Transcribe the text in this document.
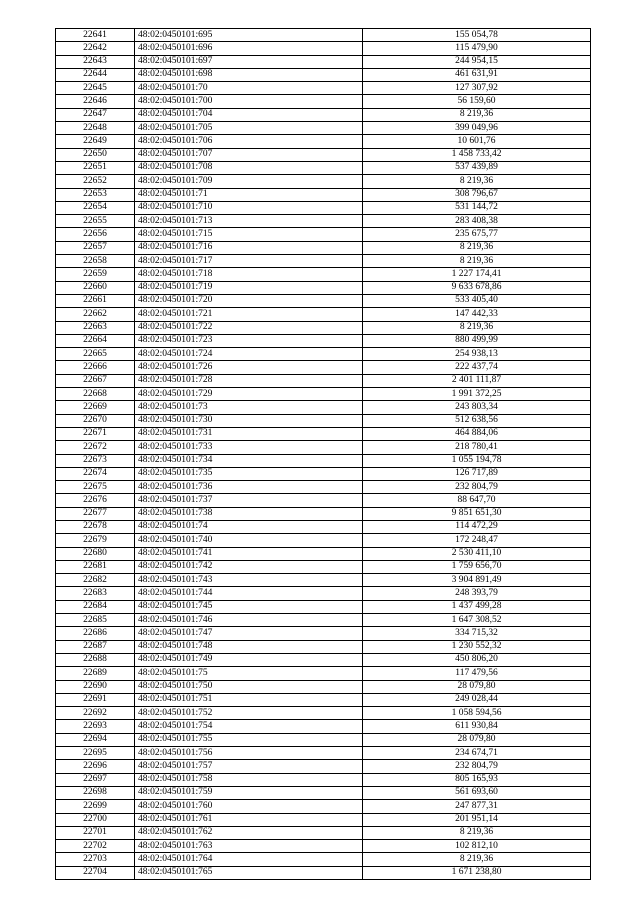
22641	48:02:0450101:695	155 054,78
22642	48:02:0450101:696	115 479,90
22643	48:02:0450101:697	244 954,15
22644	48:02:0450101:698	461 631,91
22645	48:02:0450101:70	127 307,92
22646	48:02:0450101:700	56 159,60
22647	48:02:0450101:704	8 219,36
22648	48:02:0450101:705	399 049,96
22649	48:02:0450101:706	10 601,76
22650	48:02:0450101:707	1 458 733,42
22651	48:02:0450101:708	537 439,89
22652	48:02:0450101:709	8 219,36
22653	48:02:0450101:71	308 796,67
22654	48:02:0450101:710	531 144,72
22655	48:02:0450101:713	283 408,38
22656	48:02:0450101:715	235 675,77
22657	48:02:0450101:716	8 219,36
22658	48:02:0450101:717	8 219,36
22659	48:02:0450101:718	1 227 174,41
22660	48:02:0450101:719	9 633 678,86
22661	48:02:0450101:720	533 405,40
22662	48:02:0450101:721	147 442,33
22663	48:02:0450101:722	8 219,36
22664	48:02:0450101:723	880 499,99
22665	48:02:0450101:724	254 938,13
22666	48:02:0450101:726	222 437,74
22667	48:02:0450101:728	2 401 111,87
22668	48:02:0450101:729	1 991 372,25
22669	48:02:0450101:73	243 803,34
22670	48:02:0450101:730	512 638,56
22671	48:02:0450101:731	464 884,06
22672	48:02:0450101:733	218 780,41
22673	48:02:0450101:734	1 055 194,78
22674	48:02:0450101:735	126 717,89
22675	48:02:0450101:736	232 804,79
22676	48:02:0450101:737	88 647,70
22677	48:02:0450101:738	9 851 651,30
22678	48:02:0450101:74	114 472,29
22679	48:02:0450101:740	172 248,47
22680	48:02:0450101:741	2 530 411,10
22681	48:02:0450101:742	1 759 656,70
22682	48:02:0450101:743	3 904 891,49
22683	48:02:0450101:744	248 393,79
22684	48:02:0450101:745	1 437 499,28
22685	48:02:0450101:746	1 647 308,52
22686	48:02:0450101:747	334 715,32
22687	48:02:0450101:748	1 230 552,32
22688	48:02:0450101:749	450 806,20
22689	48:02:0450101:75	117 479,56
22690	48:02:0450101:750	28 079,80
22691	48:02:0450101:751	249 028,44
22692	48:02:0450101:752	1 058 594,56
22693	48:02:0450101:754	611 930,84
22694	48:02:0450101:755	28 079,80
22695	48:02:0450101:756	234 674,71
22696	48:02:0450101:757	232 804,79
22697	48:02:0450101:758	805 165,93
22698	48:02:0450101:759	561 693,60
22699	48:02:0450101:760	247 877,31
22700	48:02:0450101:761	201 951,14
22701	48:02:0450101:762	8 219,36
22702	48:02:0450101:763	102 812,10
22703	48:02:0450101:764	8 219,36
22704	48:02:0450101:765	1 671 238,80
